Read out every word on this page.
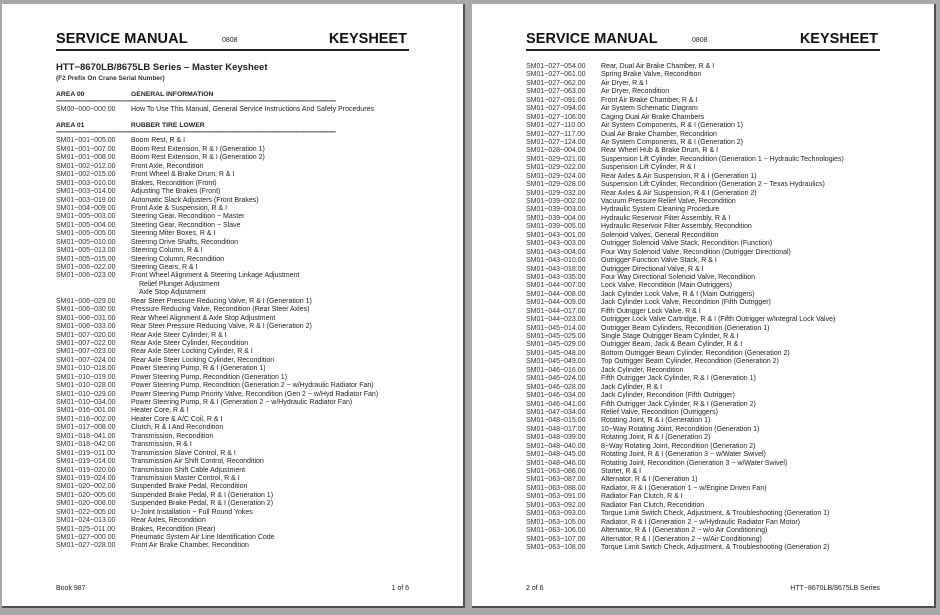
SERVICE MANUAL	0808	KEYSHEET
HTT−8670LB/8675LB Series – Master Keysheet
(F2 Prefix On Crane Serial Number)
AREA 00	GENERAL INFORMATION
*****************************************************************************************************************************************************************
SM00−000−000.00	How To Use This Manual, General Service Instructions And Safety Procedures
AREA 01	RUBBER TIRE LOWER
*****************************************************************************************************************************************************************
SM01−001−005.00	Boom Rest, R & I
SM01−001−007.00	Boom Rest Extension, R & I (Generation 1)
SM01−001−008.00	Boom Rest Extension, R & I (Generation 2)
SM01−002−012.00	Front Axle, Recondition
SM01−002−015.00	Front Wheel & Brake Drum, R & I
SM01−003−010.00	Brakes, Recondition (Front)
SM01−003−014.00	Adjusting The Brakes (Front)
SM01−003−019.00	Automatic Slack Adjusters (Front Brakes)
SM01−004−009.00	Front Axle & Suspension, R & I
SM01−005−003.00	Steering Gear, Recondition − Master
SM01−005−004.00	Steering Gear, Recondition − Slave
SM01−005−005.00	Steering Miter Boxes, R & I
SM01−005−010.00	Steering Drive Shafts, Recondition
SM01−005−013.00	Steering Column, R & I
SM01−005−015.00	Steering Column, Recondition
SM01−006−022.00	Steering Gears, R & I
SM01−006−023.00	Front Wheel Alignment & Steering Linkage Adjustment
Relief Plunger Adjustment
Axle Stop Adjustment
SM01−006−029.00	Rear Steer Pressure Reducing Valve, R & I (Generation 1)
SM01−006−030.00	Pressure Reducing Valve, Recondition (Rear Steer Axles)
SM01−006−031.00	Rear Wheel Alignment & Axle Stop Adjustment
SM01−006−033.00	Rear Steer Pressure Reducing Valve, R & I (Generation 2)
SM01−007−020.00	Rear Axle Steer Cylinder, R & I
SM01−007−022.00	Rear Axle Steer Cylinder, Recondition
SM01−007−023.00	Rear Axle Steer Locking Cylinder, R & I
SM01−007−024.00	Rear Axle Steer Locking Cylinder, Recondition
SM01−010−018.00	Power Steering Pump, R & I (Generation 1)
SM01−010−019.00	Power Steering Pump, Recondition (Generation 1)
SM01−010−028.00	Power Steering Pump, Recondition (Generation 2 − w/Hydraulic Radiator Fan)
SM01−010−029.00	Power Steering Pump Priority Valve, Recondition (Gen 2 − w/Hyd Radiator Fan)
SM01−010−034.00	Power Steering Pump, R & I (Generation 2 − w/Hydraulic Radiator Fan)
SM01−016−001.00	Heater Core, R & I
SM01−016−002.00	Heater Core & A/C Coil, R & I
SM01−017−008.00	Clutch, R & I And Recondition
SM01−018−041.00	Transmission, Recondition
SM01−018−042.00	Transmission, R & I
SM01−019−011.00	Transmission Slave Control, R & I
SM01−019−014.00	Transmission Air Shift Control, Recondition
SM01−019−020.00	Transmission Shift Cable Adjustment
SM01−019−024.00	Transmission Master Control, R & I
SM01−020−002.00	Suspended Brake Pedal, Recondition
SM01−020−005.00	Suspended Brake Pedal, R & I (Generation 1)
SM01−020−008.00	Suspended Brake Pedal, R & I (Generation 2)
SM01−022−005.00	U−Joint Installation − Full Round Yokes
SM01−024−013.00	Rear Axles, Recondition
SM01−025−011.00	Brakes, Recondition (Rear)
SM01−027−000.00	Pneumatic System Air Line Identification Code
SM01−027−028.00	Front Air Brake Chamber, Recondition
Book 987	1 of 6
SERVICE MANUAL	0808	KEYSHEET
SM01−027−054.00	Rear, Dual Air Brake Chamber, R & I
SM01−027−061.00	Spring Brake Valve, Recondition
SM01−027−062.00	Air Dryer, R & I
SM01−027−063.00	Air Dryer, Recondition
SM01−027−091.00	Front Air Brake Chamber, R & I
SM01−027−094.00	Air System Schematic Diagram
SM01−027−106.00	Caging Dual Air Brake Chambers
SM01−027−110.00	Air System Components, R & I (Generation 1)
SM01−027−117.00	Dual Air Brake Chamber, Recondition
SM01−027−124.00	Air System Components, R & I (Generation 2)
SM01−028−004.00	Rear Wheel Hub & Brake Drum, R & I
SM01−029−021.00	Suspension Lift Cylinder, Recondition (Generation 1 − Hydraulic Technologies)
SM01−029−022.00	Suspension Lift Cylinder, R & I
SM01−029−024.00	Rear Axles & Air Suspension, R & I (Generation 1)
SM01−029−028.00	Suspension Lift Cylinder, Recondition (Generation 2 − Texas Hydraulics)
SM01−029−032.00	Rear Axles & Air Suspension, R & I (Generation 2)
SM01−039−002.00	Vacuum Pressure Relief Valve, Recondition
SM01−039−003.00	Hydraulic System Cleaning Procedure
SM01−039−004.00	Hydraulic Reservoir Filter Assembly, R & I
SM01−039−005.00	Hydraulic Reservoir Filter Assembly, Recondition
SM01−043−001.00	Solenoid Valves, General Recondition
SM01−043−003.00	Outrigger Solenoid Valve Stack, Recondition (Function)
SM01−043−004.00	Four Way Solenoid Valve, Recondition (Outrigger Directional)
SM01−043−010.00	Outrigger Function Valve Stack, R & I
SM01−043−018.00	Outrigger Directional Valve, R & I
SM01−043−035.00	Four Way Directional Solenoid Valve, Recondition
SM01−044−007.00	Lock Valve, Recondition (Main Outriggers)
SM01−044−008.00	Jack Cylinder Lock Valve, R & I (Main Outriggers)
SM01−044−009.00	Jack Cylinder Lock Valve, Recondition (Fifth Outrigger)
SM01−044−017.00	Fifth Outrigger Lock Valve, R & I
SM01−044−023.00	Outrigger Lock Valve Cartridge, R & I (Fifth Outrigger w/Integral Lock Valve)
SM01−045−014.00	Outrigger Beam Cylinders, Recondition (Generation 1)
SM01−045−025.00	Single Stage Outrigger Beam Cylinder, R & I
SM01−045−029.00	Outrigger Beam, Jack & Beam Cylinder, R & I
SM01−045−048.00	Bottom Outrigger Beam Cylinder, Recondition (Generation 2)
SM01−045−049.00	Top Outrigger Beam Cylinder, Recondition (Generation 2)
SM01−046−016.00	Jack Cylinder, Recondition
SM01−046−024.00	Fifth Outrigger Jack Cylinder, R & I (Generation 1)
SM01−046−028.00	Jack Cylinder, R & I
SM01−046−034.00	Jack Cylinder, Recondition (Fifth Outrigger)
SM01−046−041.00	Fifth Outrigger Jack Cylinder, R & I (Generation 2)
SM01−047−034.00	Relief Valve, Recondition (Outriggers)
SM01−048−015.00	Rotating Joint, R & I (Generation 1)
SM01−048−017.00	10−Way Rotating Joint, Recondition (Generation 1)
SM01−048−039.00	Rotating Joint, R & I (Generation 2)
SM01−048−040.00	8−Way Rotating Joint, Recondition (Generation 2)
SM01−048−045.00	Rotating Joint, R & I (Generation 3 − w/Water Swivel)
SM01−048−046.00	Rotating Joint, Recondition (Generation 3 − w/Water Swivel)
SM01−063−086.00	Starter, R & I
SM01−063−087.00	Alternator, R & I (Generation 1)
SM01−063−088.00	Radiator, R & I (Generation 1 − w/Engine Driven Fan)
SM01−063−091.00	Radiator Fan Clutch, R & I
SM01−063−092.00	Radiator Fan Clutch, Recondition
SM01−063−093.00	Torque Limit Switch Check, Adjustment, & Troubleshooting (Generation 1)
SM01−063−105.00	Radiator, R & I (Generation 2 − w/Hydraulic Radiator Fan Motor)
SM01−063−106.00	Alternator, R & I (Generation 2 − w/o Air Conditioning)
SM01−063−107.00	Alternator, R & I (Generation 2 − w/Air Conditioning)
SM01−063−108.00	Torque Limit Switch Check, Adjustment, & Troubleshooting (Generation 2)
2 of 6	HTT−8670LB/8675LB Series
